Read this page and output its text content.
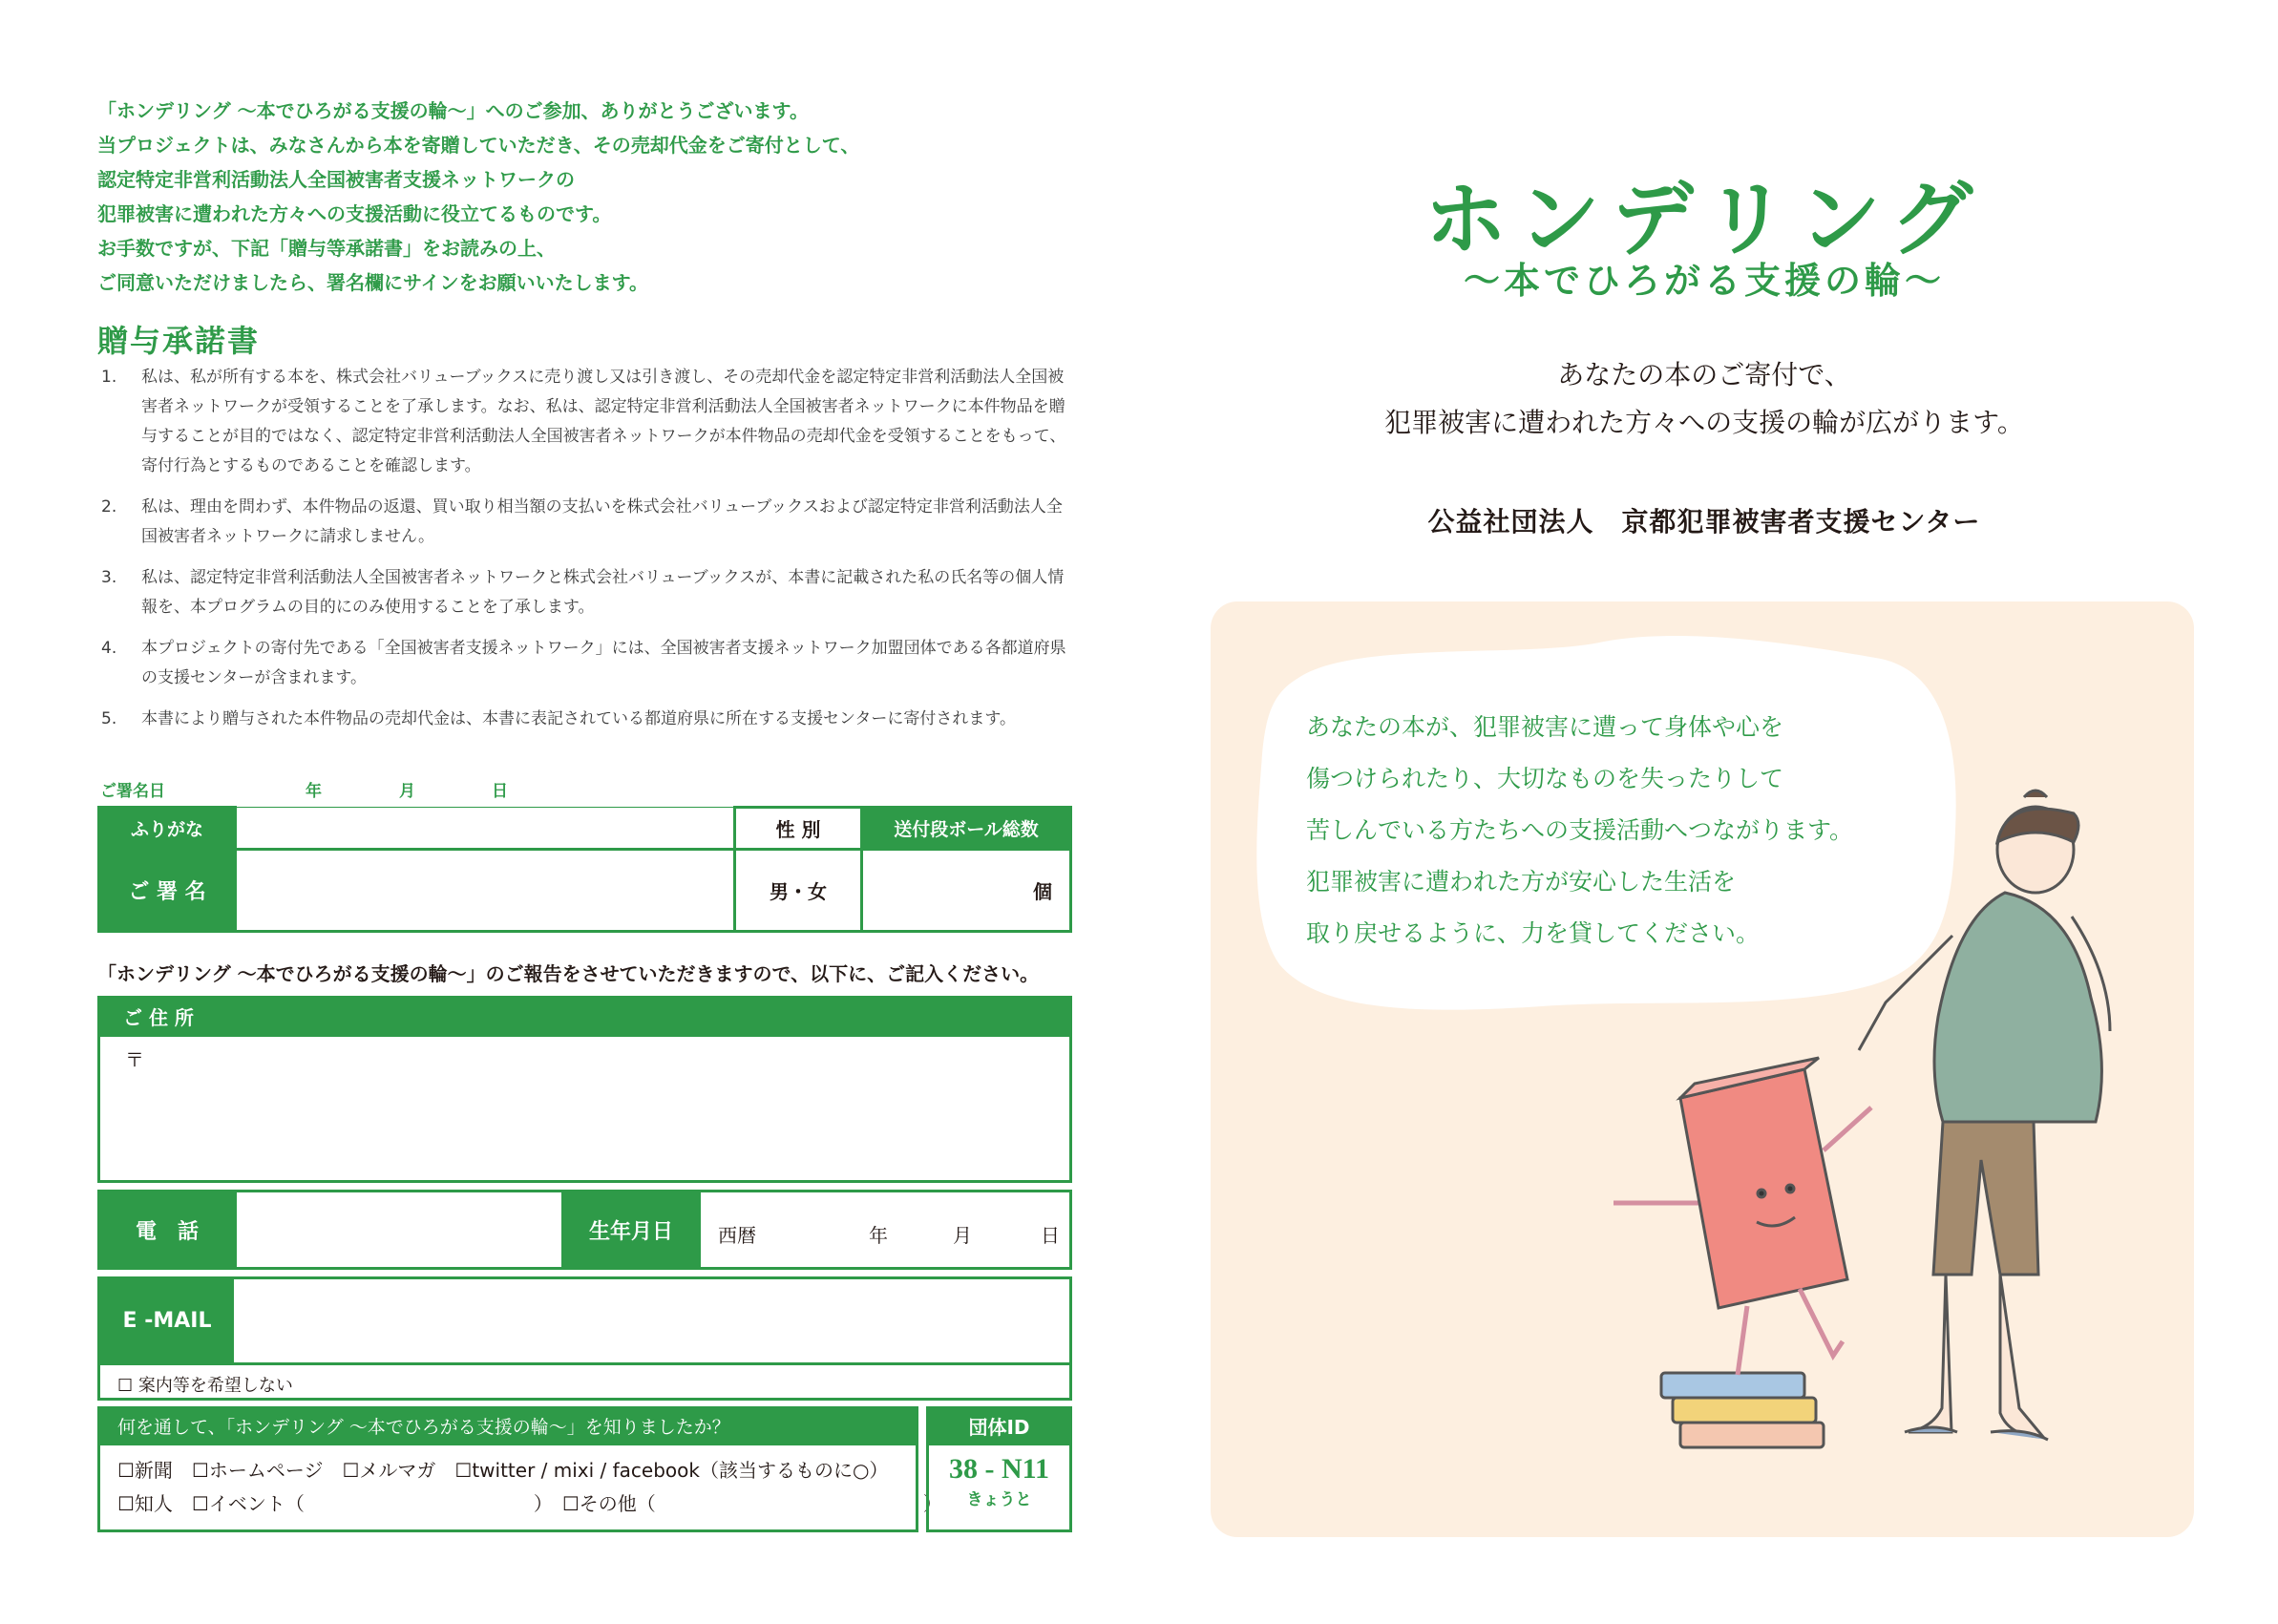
「ホンデリング ～本でひろがる支援の輪～」へのご参加、ありがとうございます。
当プロジェクトは、みなさんから本を寄贈していただき、その売却代金をご寄付として、
認定特定非営利活動法人全国被害者支援ネットワークの
犯罪被害に遭われた方々への支援活動に役立てるものです。
お手数ですが、下記「贈与等承諾書」をお読みの上、
ご同意いただけましたら、署名欄にサインをお願いいたします。
贈与承諾書
1.	私は、私が所有する本を、株式会社バリューブックスに売り渡し又は引き渡し、その売却代金を認定特定非営利活動法人全国被害者ネットワークが受領することを了承します。なお、私は、認定特定非営利活動法人全国被害者ネットワークに本件物品を贈与することが目的ではなく、認定特定非営利活動法人全国被害者ネットワークが本件物品の売却代金を受領することをもって、寄付行為とするものであることを確認します。
2.	私は、理由を問わず、本件物品の返還、買い取り相当額の支払いを株式会社バリューブックスおよび認定特定非営利活動法人全国被害者ネットワークに請求しません。
3.	私は、認定特定非営利活動法人全国被害者ネットワークと株式会社バリューブックスが、本書に記載された私の氏名等の個人情報を、本プログラムの目的にのみ使用することを了承します。
4.	本プロジェクトの寄付先である「全国被害者支援ネットワーク」には、全国被害者支援ネットワーク加盟団体である各都道府県の支援センターが含まれます。
5.	本書により贈与された本件物品の売却代金は、本書に表記されている都道府県に所在する支援センターに寄付されます。
ご署名日	年	月	日
ふりがな		性 別	送付段ボール総数
ご 署 名		男・女	個
「ホンデリング ～本でひろがる支援の輪～」のご報告をさせていただきますので、以下に、ご記入ください。
ご 住 所
〒
電　話		生年月日	西暦	年	月	日
E -MAIL
☐ 案内等を希望しない
何を通して、「ホンデリング ～本でひろがる支援の輪～」を知りましたか？
☐新聞　☐ホームページ　☐メルマガ　☐twitter / mixi / facebook（該当するものに○）
☐知人　☐イベント（　　　　　　　　　　　　）　☐その他（　　　　　　　　　　　　　　）
団体ID
38 - N11
きょうと
ホンデリング
～本でひろがる支援の輪～
あなたの本のご寄付で、
犯罪被害に遭われた方々への支援の輪が広がります。
公益社団法人　京都犯罪被害者支援センター
あなたの本が、犯罪被害に遭って身体や心を
傷つけられたり、大切なものを失ったりして
苦しんでいる方たちへの支援活動へつながります。
犯罪被害に遭われた方が安心した生活を
取り戻せるように、力を貸してください。
